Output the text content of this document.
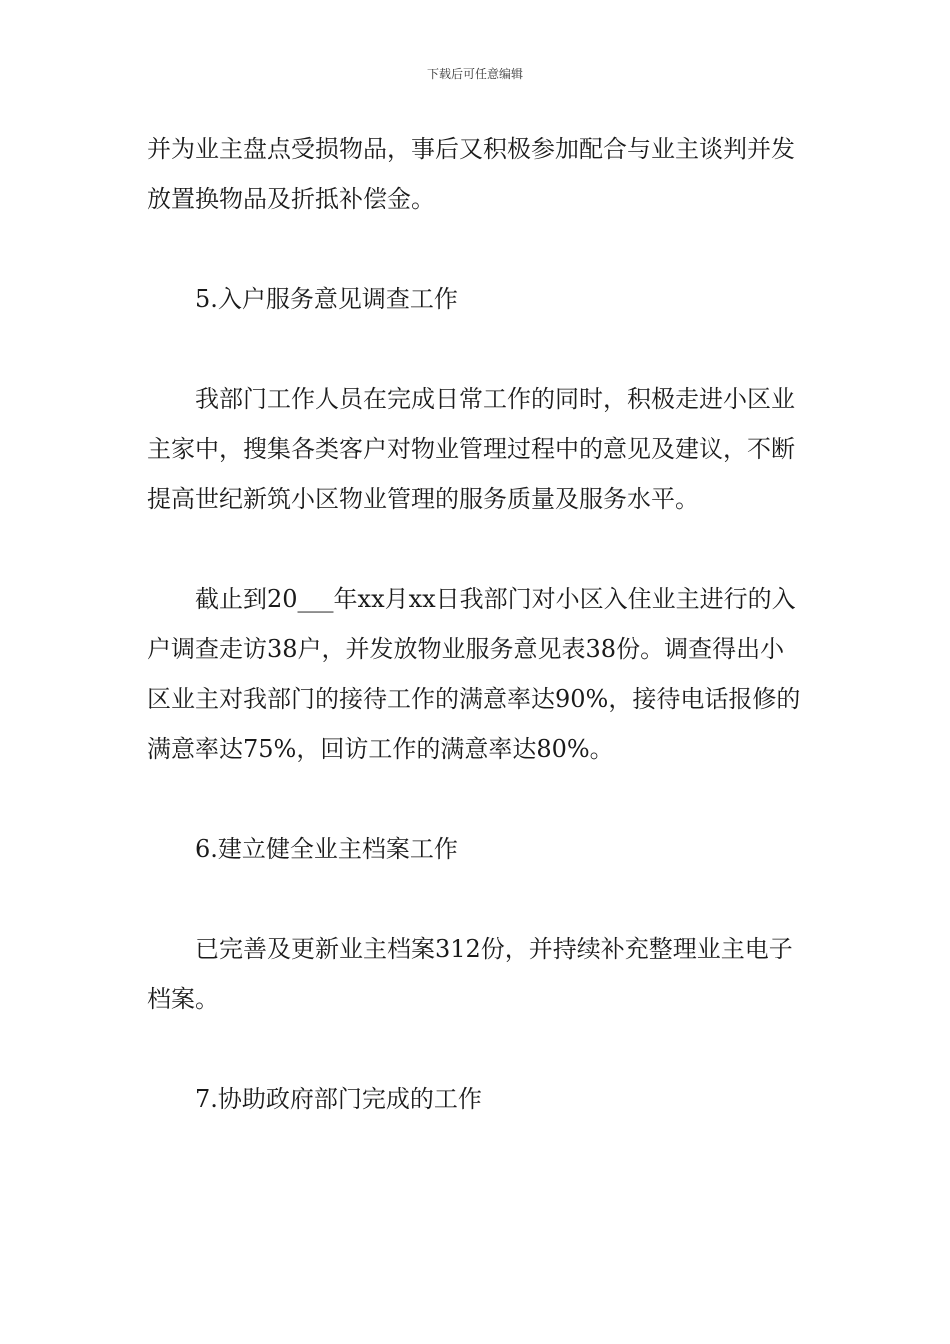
下载后可任意编辑

并为业主盘点受损物品，事后又积极参加配合与业主谈判并发放置换物品及折抵补偿金。

5.入户服务意见调查工作

我部门工作人员在完成日常工作的同时，积极走进小区业主家中，搜集各类客户对物业管理过程中的意见及建议，不断提高世纪新筑小区物业管理的服务质量及服务水平。

截止到20___年xx月xx日我部门对小区入住业主进行的入户调查走访38户，并发放物业服务意见表38份。调查得出小区业主对我部门的接待工作的满意率达90%，接待电话报修的满意率达75%，回访工作的满意率达80%。

6.建立健全业主档案工作

已完善及更新业主档案312份，并持续补充整理业主电子档案。

7.协助政府部门完成的工作
